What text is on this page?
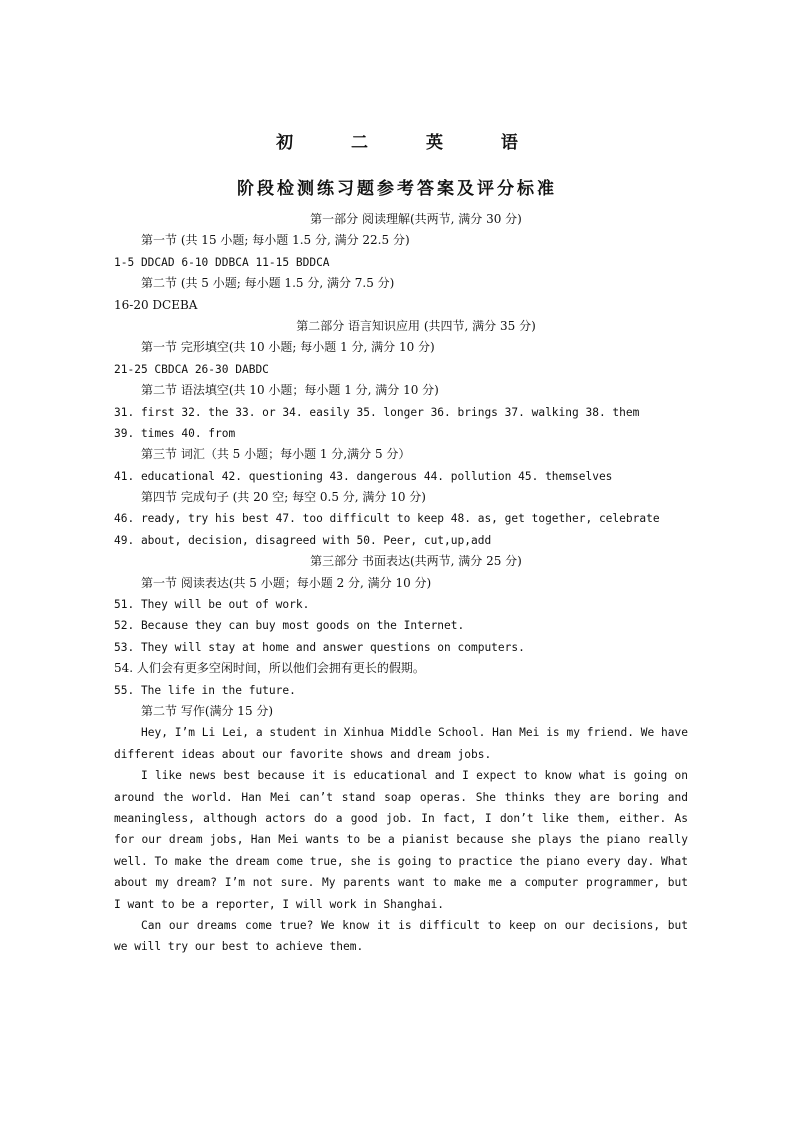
初 二 英 语
阶段检测练习题参考答案及评分标准
第一部分 阅读理解(共两节, 满分 30 分)
第一节 (共 15 小题; 每小题 1.5 分, 满分 22.5 分)
1-5 DDCAD 6-10 DDBCA 11-15 BDDCA
第二节 (共 5 小题; 每小题 1.5 分, 满分 7.5 分)
16-20 DCEBA
第二部分 语言知识应用 (共四节, 满分 35 分)
第一节 完形填空(共 10 小题; 每小题 1 分, 满分 10 分)
21-25 CBDCA 26-30 DABDC
第二节 语法填空(共 10 小题；每小题 1 分, 满分 10 分)
31. first 32. the 33. or 34. easily 35. longer 36. brings 37. walking 38. them
39. times 40. from
第三节 词汇（共 5 小题；每小题 1 分,满分 5 分）
41. educational 42. questioning 43. dangerous 44. pollution 45. themselves
第四节 完成句子 (共 20 空; 每空 0.5 分, 满分 10 分)
46. ready, try his best 47. too difficult to keep 48. as, get together, celebrate
49. about, decision, disagreed with 50. Peer, cut,up,add
第三部分 书面表达(共两节, 满分 25 分)
第一节 阅读表达(共 5 小题；每小题 2 分, 满分 10 分)
51. They will be out of work.
52. Because they can buy most goods on the Internet.
53. They will stay at home and answer questions on computers.
54. 人们会有更多空闲时间，所以他们会拥有更长的假期。
55. The life in the future.
第二节 写作(满分 15 分)
Hey, I’m Li Lei, a student in Xinhua Middle School. Han Mei is my friend. We have
different ideas about our favorite shows and dream jobs.
I like news best because it is educational and I expect to know what is going on
around the world. Han Mei can’t stand soap operas. She thinks they are boring and
meaningless, although actors do a good job. In fact, I don’t like them, either. As
for our dream jobs, Han Mei wants to be a pianist because she plays the piano really
well. To make the dream come true, she is going to practice the piano every day. What
about my dream? I’m not sure. My parents want to make me a computer programmer, but
I want to be a reporter, I will work in Shanghai.
Can our dreams come true? We know it is difficult to keep on our decisions, but
we will try our best to achieve them.
